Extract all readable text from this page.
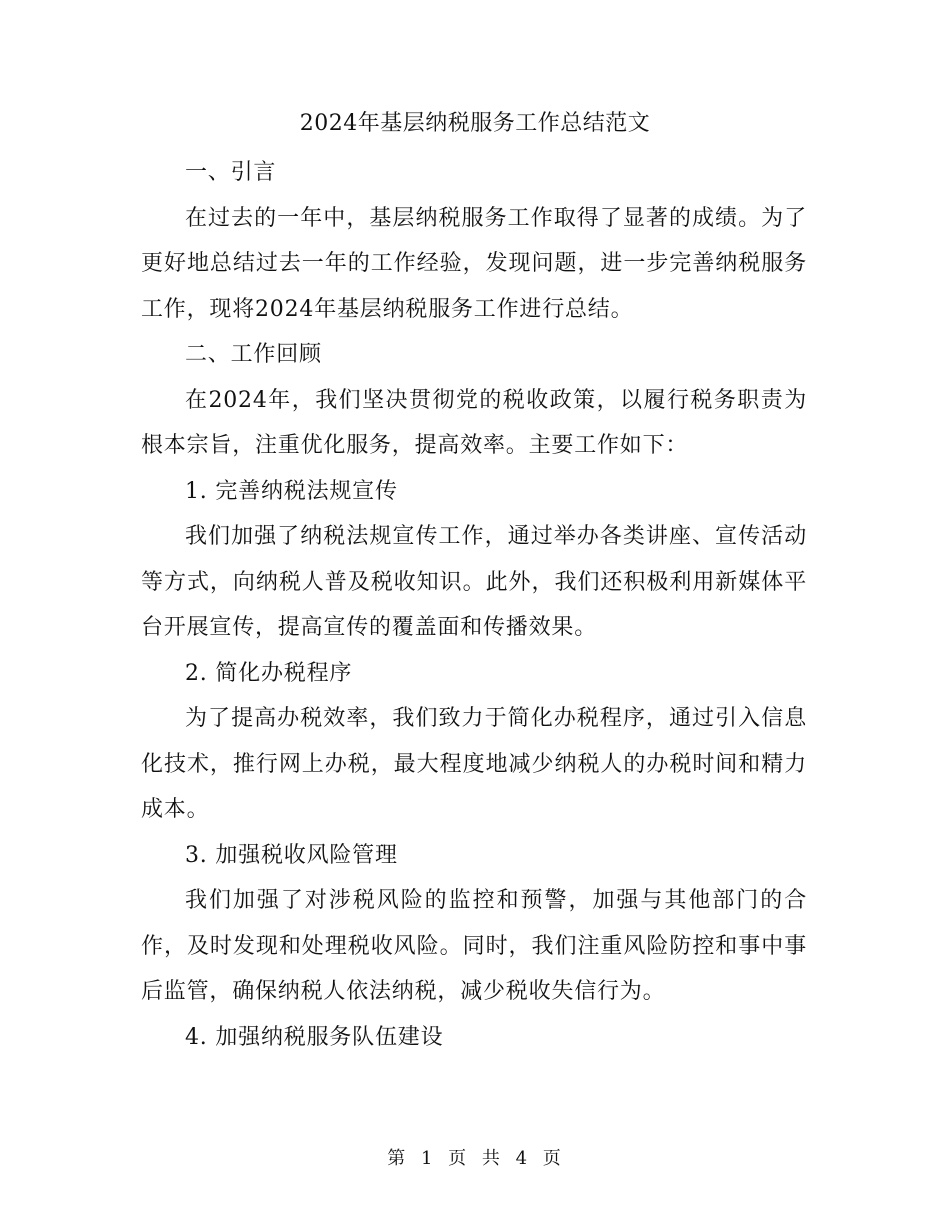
2024年基层纳税服务工作总结范文

一、引言

在过去的一年中，基层纳税服务工作取得了显著的成绩。为了更好地总结过去一年的工作经验，发现问题，进一步完善纳税服务工作，现将2024年基层纳税服务工作进行总结。

二、工作回顾

在2024年，我们坚决贯彻党的税收政策，以履行税务职责为根本宗旨，注重优化服务，提高效率。主要工作如下：

1. 完善纳税法规宣传

我们加强了纳税法规宣传工作，通过举办各类讲座、宣传活动等方式，向纳税人普及税收知识。此外，我们还积极利用新媒体平台开展宣传，提高宣传的覆盖面和传播效果。

2. 简化办税程序

为了提高办税效率，我们致力于简化办税程序，通过引入信息化技术，推行网上办税，最大程度地减少纳税人的办税时间和精力成本。

3. 加强税收风险管理

我们加强了对涉税风险的监控和预警，加强与其他部门的合作，及时发现和处理税收风险。同时，我们注重风险防控和事中事后监管，确保纳税人依法纳税，减少税收失信行为。

4. 加强纳税服务队伍建设

第 1 页 共 4 页
